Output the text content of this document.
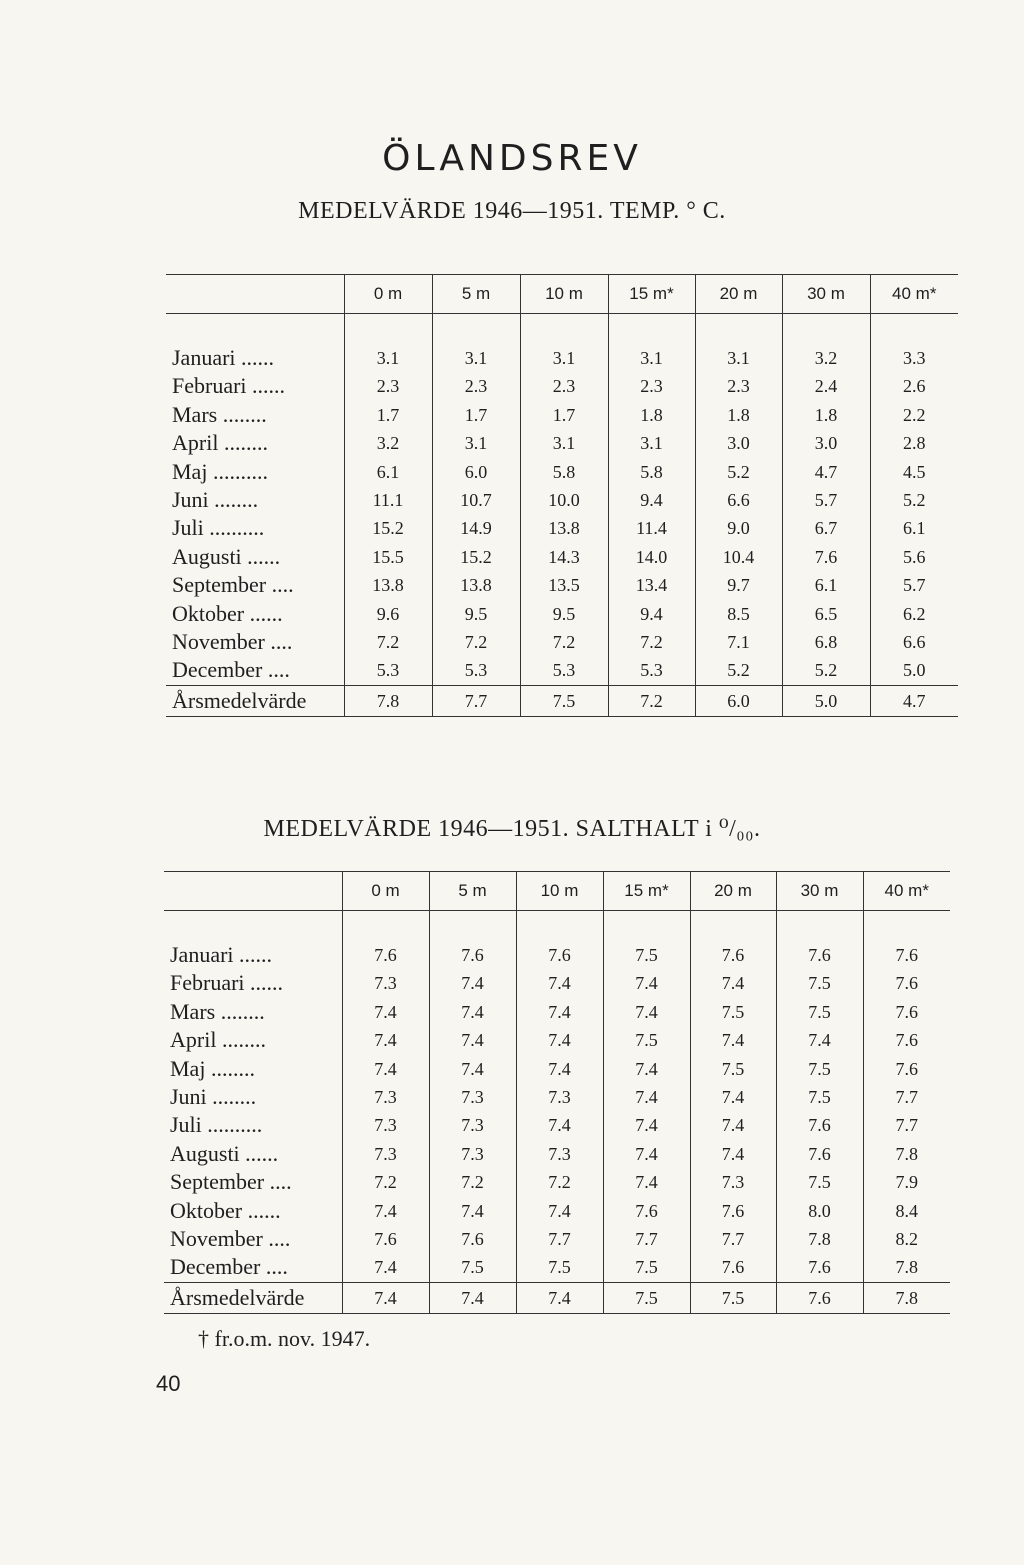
ÖLANDSREV
MEDELVÄRDE 1946—1951. TEMP. ° C.
	0 m	5 m	10 m	15 m*	20 m	30 m	40 m*

Januari ......	3.1	3.1	3.1	3.1	3.1	3.2	3.3
Februari ......	2.3	2.3	2.3	2.3	2.3	2.4	2.6
Mars ........	1.7	1.7	1.7	1.8	1.8	1.8	2.2
April ........	3.2	3.1	3.1	3.1	3.0	3.0	2.8
Maj ..........	6.1	6.0	5.8	5.8	5.2	4.7	4.5
Juni ........	11.1	10.7	10.0	9.4	6.6	5.7	5.2
Juli ..........	15.2	14.9	13.8	11.4	9.0	6.7	6.1
Augusti ......	15.5	15.2	14.3	14.0	10.4	7.6	5.6
September ....	13.8	13.8	13.5	13.4	9.7	6.1	5.7
Oktober ......	9.6	9.5	9.5	9.4	8.5	6.5	6.2
November ....	7.2	7.2	7.2	7.2	7.1	6.8	6.6
December ....	5.3	5.3	5.3	5.3	5.2	5.2	5.0
Årsmedelvärde	7.8	7.7	7.5	7.2	6.0	5.0	4.7
MEDELVÄRDE 1946—1951. SALTHALT i ⁰/₀₀.
	0 m	5 m	10 m	15 m*	20 m	30 m	40 m*

Januari ......	7.6	7.6	7.6	7.5	7.6	7.6	7.6
Februari ......	7.3	7.4	7.4	7.4	7.4	7.5	7.6
Mars ........	7.4	7.4	7.4	7.4	7.5	7.5	7.6
April ........	7.4	7.4	7.4	7.5	7.4	7.4	7.6
Maj ........	7.4	7.4	7.4	7.4	7.5	7.5	7.6
Juni ........	7.3	7.3	7.3	7.4	7.4	7.5	7.7
Juli ..........	7.3	7.3	7.4	7.4	7.4	7.6	7.7
Augusti ......	7.3	7.3	7.3	7.4	7.4	7.6	7.8
September ....	7.2	7.2	7.2	7.4	7.3	7.5	7.9
Oktober ......	7.4	7.4	7.4	7.6	7.6	8.0	8.4
November ....	7.6	7.6	7.7	7.7	7.7	7.8	8.2
December ....	7.4	7.5	7.5	7.5	7.6	7.6	7.8
Årsmedelvärde	7.4	7.4	7.4	7.5	7.5	7.6	7.8
† fr.o.m. nov. 1947.
40
